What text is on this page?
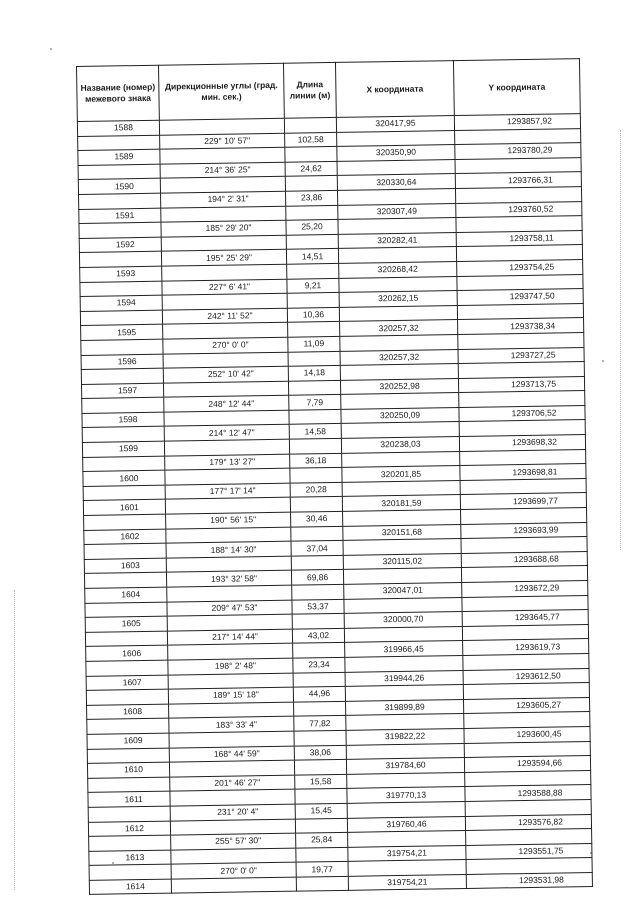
Название (номер) межевого знака	Дирекционные углы (град. мин. сек.)	Длина линии (м)	X координата	Y координата
1588			320417,95	1293857,92
	229° 10' 57"	102,58		
1589			320350,90	1293780,29
	214° 36' 25"	24,62		
1590			320330,64	1293766,31
	194° 2' 31"	23,86		
1591			320307,49	1293760,52
	185° 29' 20"	25,20		
1592			320282,41	1293758,11
	195° 25' 29"	14,51		
1593			320268,42	1293754,25
	227° 6' 41"	9,21		
1594			320262,15	1293747,50
	242° 11' 52"	10,36		
1595			320257,32	1293738,34
	270° 0' 0"	11,09		
1596			320257,32	1293727,25
	252° 10' 42"	14,18		
1597			320252,98	1293713,75
	248° 12' 44"	7,79		
1598			320250,09	1293706,52
	214° 12' 47"	14,58		
1599			320238,03	1293698,32
	179° 13' 27"	36,18		
1600			320201,85	1293698,81
	177° 17' 14"	20,28		
1601			320181,59	1293699,77
	190° 56' 15"	30,46		
1602			320151,68	1293693,99
	188° 14' 30"	37,04		
1603			320115,02	1293688,68
	193° 32' 58"	69,86		
1604			320047,01	1293672,29
	209° 47' 53"	53,37		
1605			320000,70	1293645,77
	217° 14' 44"	43,02		
1606			319966,45	1293619,73
	198° 2' 48"	23,34		
1607			319944,26	1293612,50
	189° 15' 18"	44,96		
1608			319899,89	1293605,27
	183° 33' 4"	77,82		
1609			319822,22	1293600,45
	168° 44' 59"	38,06		
1610			319784,60	1293594,66
	201° 46' 27"	15,58		
1611			319770,13	1293588,88
	231° 20' 4"	15,45		
1612			319760,46	1293576,82
	255° 57' 30"	25,84		
1613			319754,21	1293551,75
	270° 0' 0"	19,77		
1614			319754,21	1293531,98
